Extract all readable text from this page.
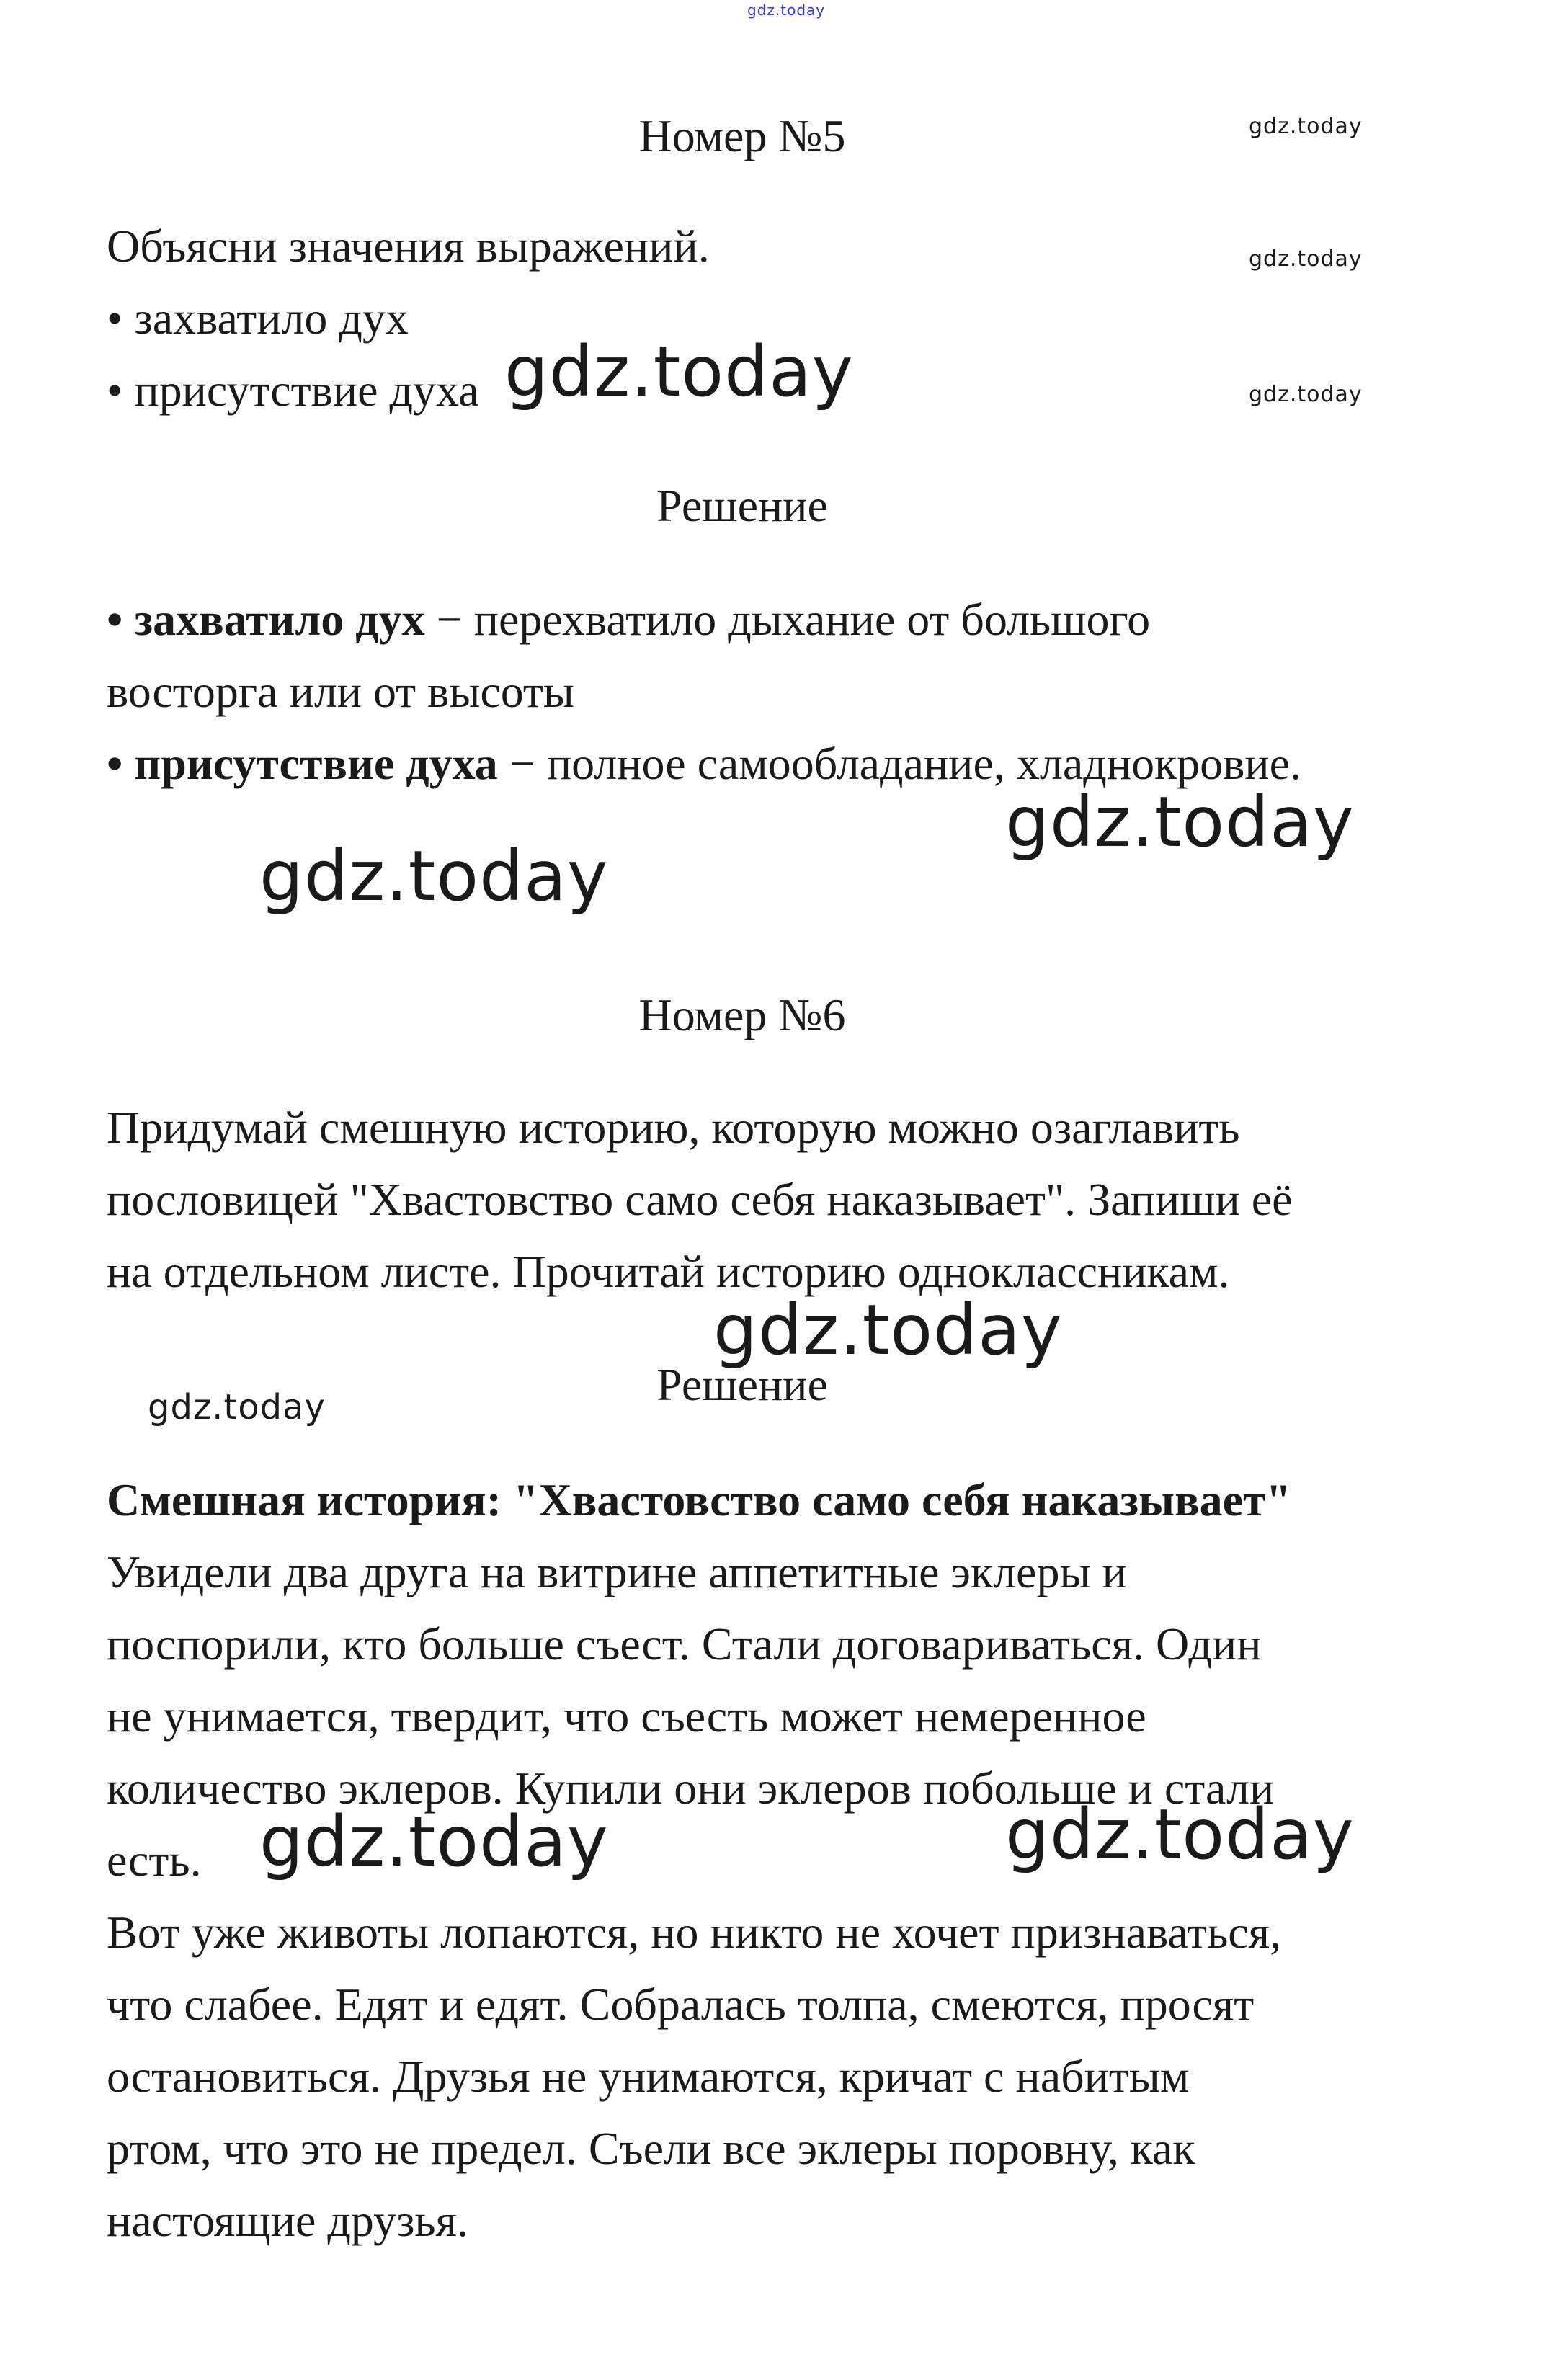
gdz.today
gdz.today
gdz.today
gdz.today
gdz.today
gdz.today
gdz.today
gdz.today
gdz.today
gdz.today	gdz.today
Номер №5
Объясни значения выражений.
• захватило дух
• присутствие духа
Решение
• захватило дух − перехватило дыхание от большого
восторга или от высоты
• присутствие духа − полное самообладание, хладнокровие.
Номер №6
Придумай смешную историю, которую можно озаглавить
пословицей "Хвастовство само себя наказывает". Запиши её
на отдельном листе. Прочитай историю одноклассникам.
Решение
Смешная история: "Хвастовство само себя наказывает"
Увидели два друга на витрине аппетитные эклеры и
поспорили, кто больше съест. Стали договариваться. Один
не унимается, твердит, что съесть может немеренное
количество эклеров. Купили они эклеров побольше и стали
есть.
Вот уже животы лопаются, но никто не хочет признаваться,
что слабее. Едят и едят. Собралась толпа, смеются, просят
остановиться. Друзья не унимаются, кричат с набитым
ртом, что это не предел. Съели все эклеры поровну, как
настоящие друзья.
